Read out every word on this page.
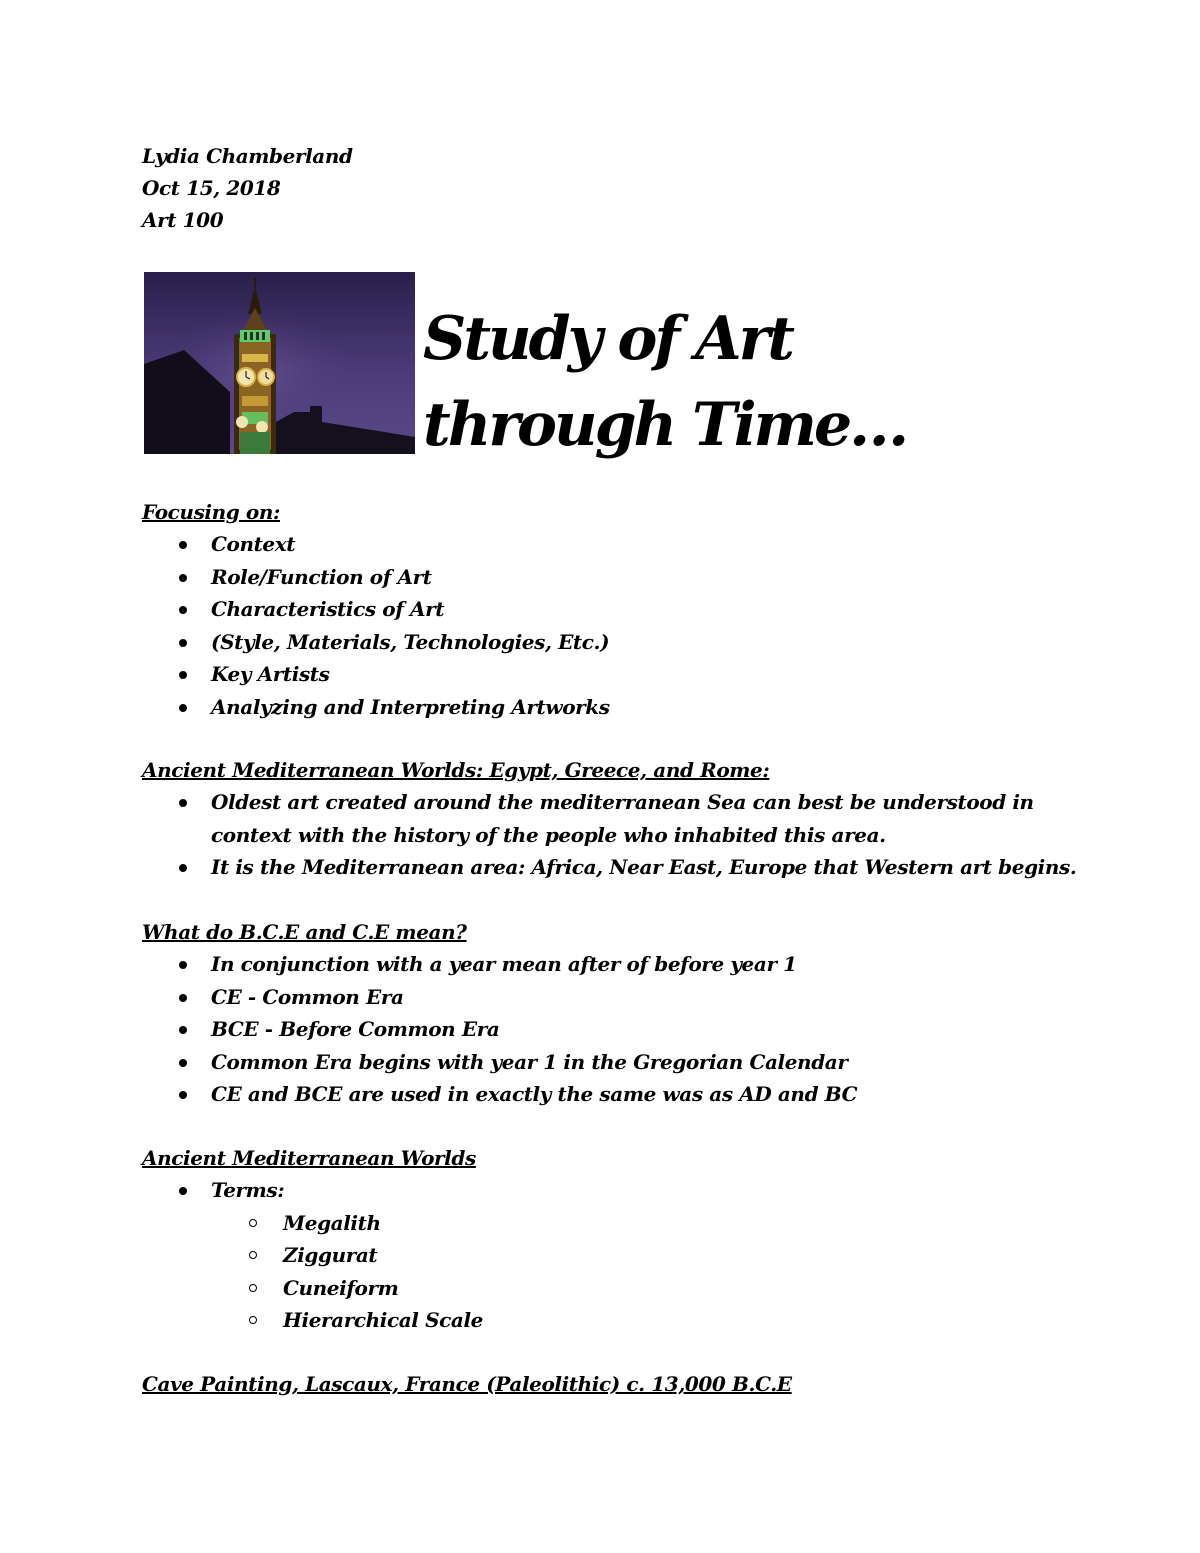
Lydia Chamberland
Oct 15, 2018
Art 100
Study of Art
through Time…
Focusing on:
Context
Role/Function of Art
Characteristics of Art
(Style, Materials, Technologies, Etc.)
Key Artists
Analyzing and Interpreting Artworks
Ancient Mediterranean Worlds: Egypt, Greece, and Rome:
Oldest art created around the mediterranean Sea can best be understood in context with the history of the people who inhabited this area.
It is the Mediterranean area: Africa, Near East, Europe that Western art begins.
What do B.C.E and C.E mean?
In conjunction with a year mean after of before year 1
CE - Common Era
BCE - Before Common Era
Common Era begins with year 1 in the Gregorian Calendar
CE and BCE are used in exactly the same was as AD and BC
Ancient Mediterranean Worlds
Terms:
Megalith
Ziggurat
Cuneiform
Hierarchical Scale
Cave Painting, Lascaux, France (Paleolithic) c. 13,000 B.C.E
